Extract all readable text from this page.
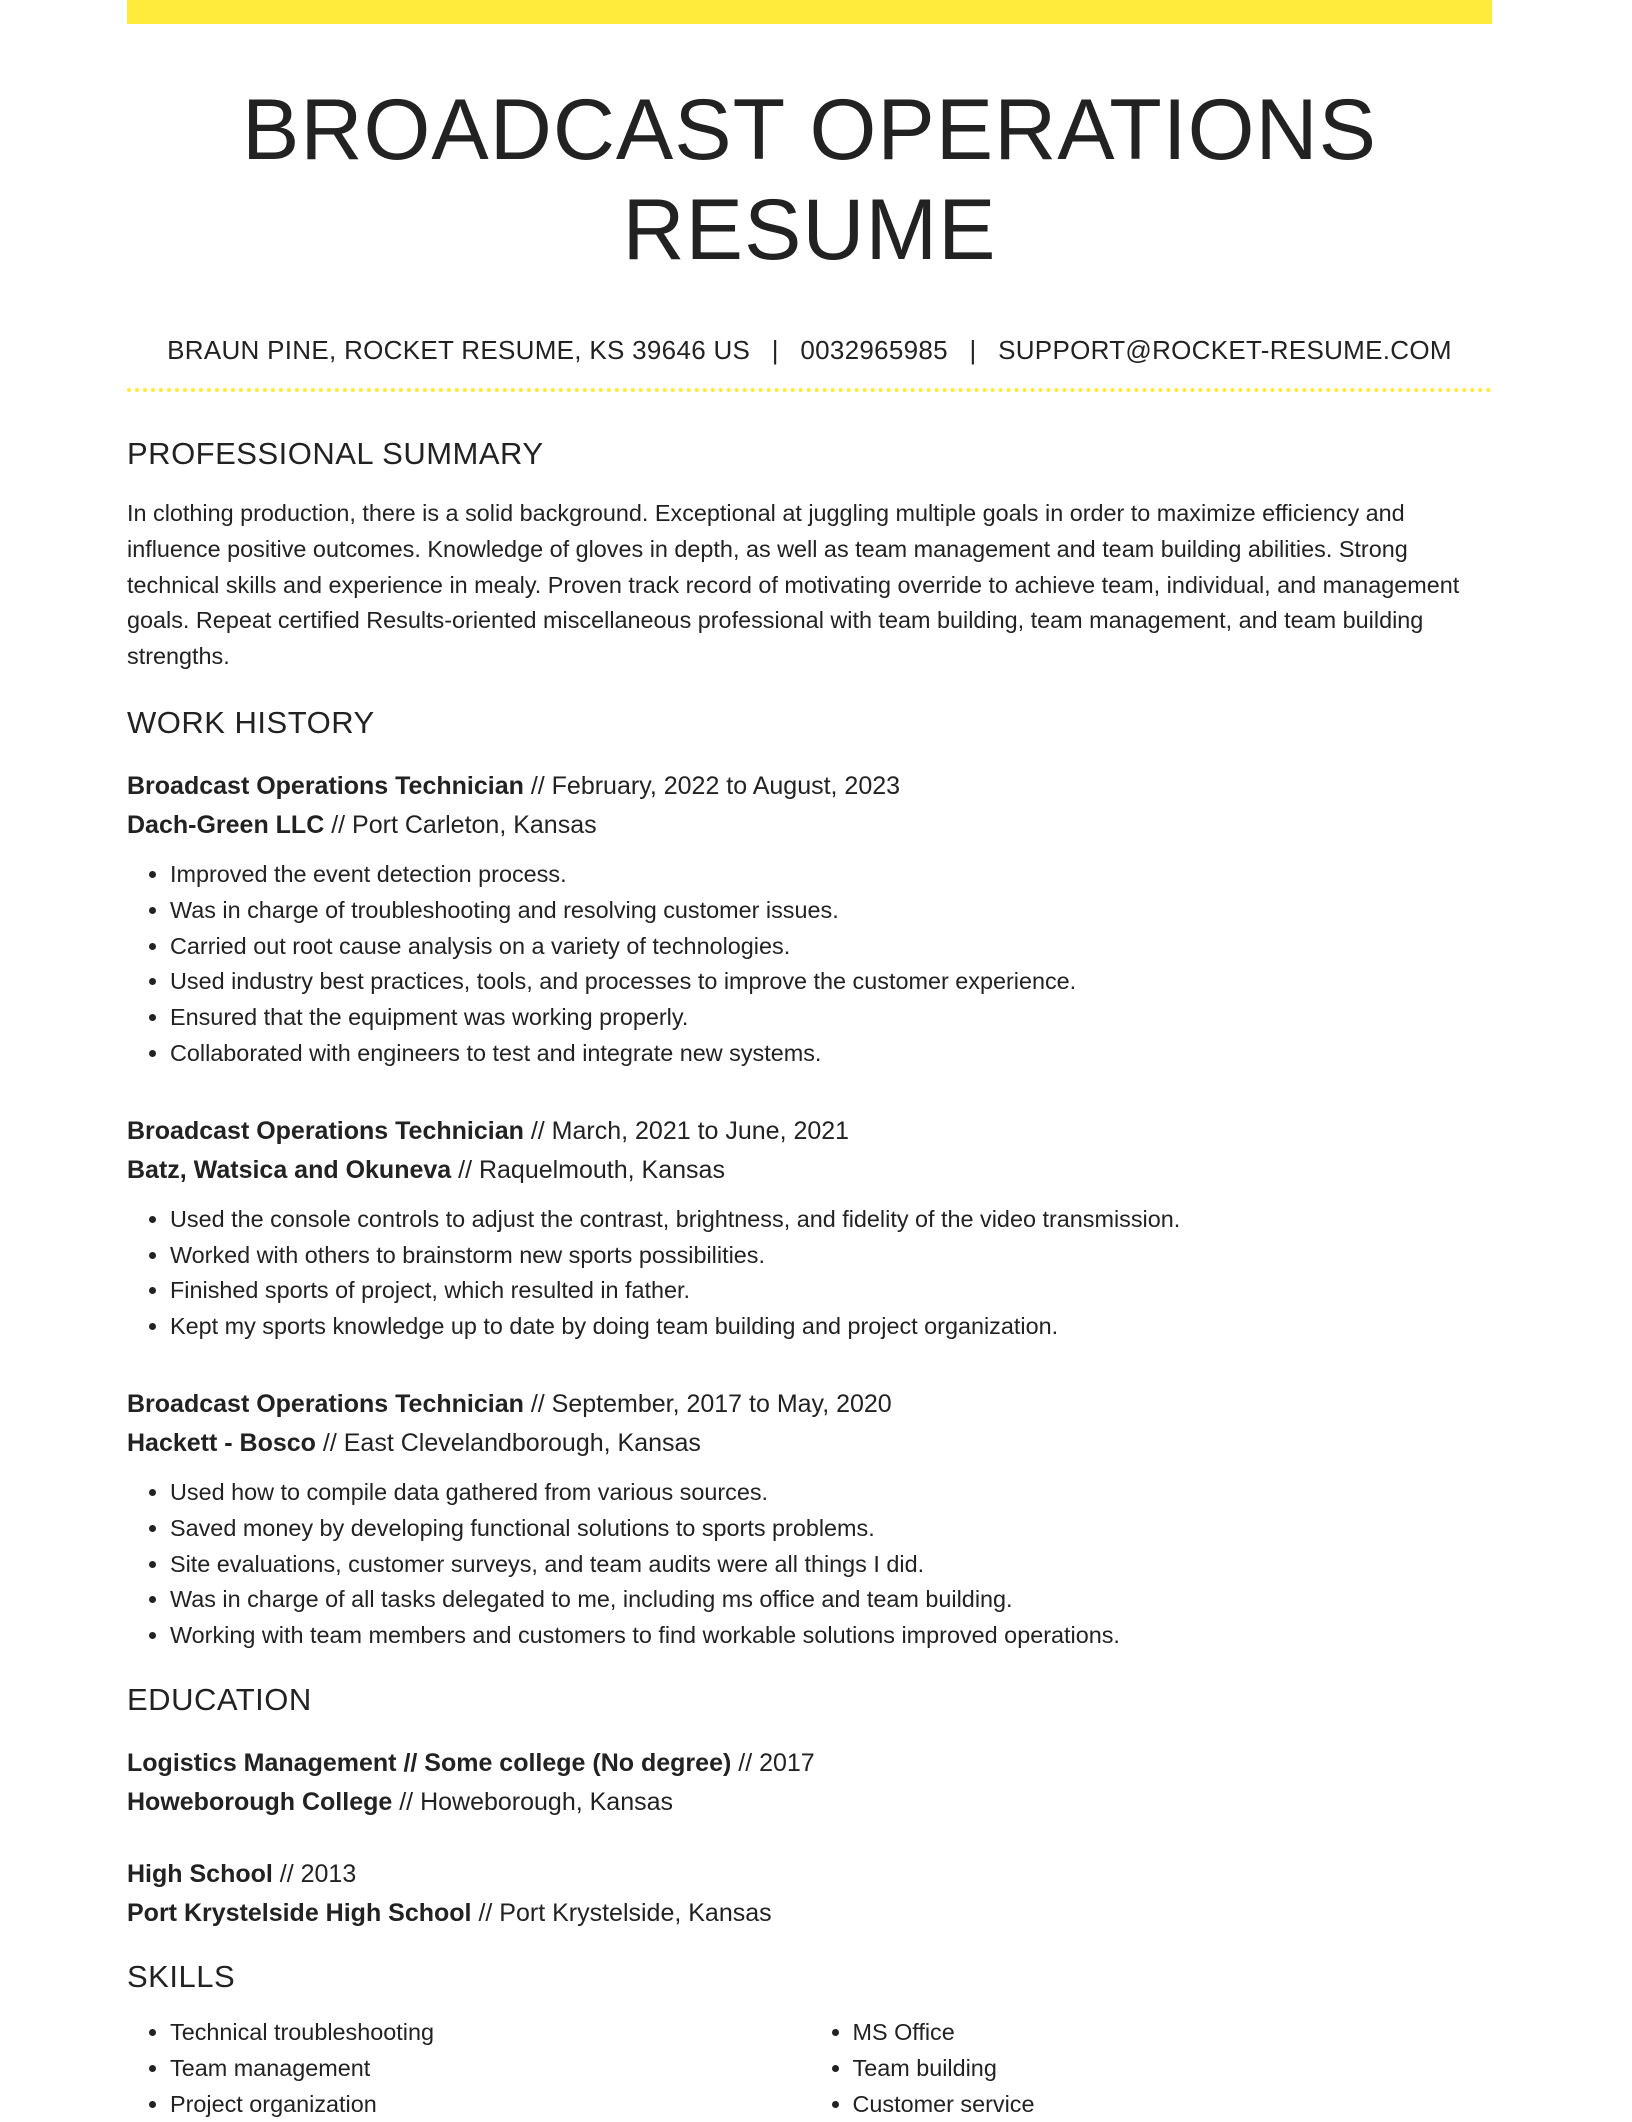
BROADCAST OPERATIONS RESUME
BRAUN PINE, ROCKET RESUME, KS 39646 US | 0032965985 | SUPPORT@ROCKET-RESUME.COM
PROFESSIONAL SUMMARY
In clothing production, there is a solid background. Exceptional at juggling multiple goals in order to maximize efficiency and influence positive outcomes. Knowledge of gloves in depth, as well as team management and team building abilities. Strong technical skills and experience in mealy. Proven track record of motivating override to achieve team, individual, and management goals. Repeat certified Results-oriented miscellaneous professional with team building, team management, and team building strengths.
WORK HISTORY
Broadcast Operations Technician // February, 2022 to August, 2023
Dach-Green LLC // Port Carleton, Kansas
• Improved the event detection process.
• Was in charge of troubleshooting and resolving customer issues.
• Carried out root cause analysis on a variety of technologies.
• Used industry best practices, tools, and processes to improve the customer experience.
• Ensured that the equipment was working properly.
• Collaborated with engineers to test and integrate new systems.
Broadcast Operations Technician // March, 2021 to June, 2021
Batz, Watsica and Okuneva // Raquelmouth, Kansas
• Used the console controls to adjust the contrast, brightness, and fidelity of the video transmission.
• Worked with others to brainstorm new sports possibilities.
• Finished sports of project, which resulted in father.
• Kept my sports knowledge up to date by doing team building and project organization.
Broadcast Operations Technician // September, 2017 to May, 2020
Hackett - Bosco // East Clevelandborough, Kansas
• Used how to compile data gathered from various sources.
• Saved money by developing functional solutions to sports problems.
• Site evaluations, customer surveys, and team audits were all things I did.
• Was in charge of all tasks delegated to me, including ms office and team building.
• Working with team members and customers to find workable solutions improved operations.
EDUCATION
Logistics Management // Some college (No degree) // 2017
Howeborough College // Howeborough, Kansas
High School // 2013
Port Krystelside High School // Port Krystelside, Kansas
SKILLS
• Technical troubleshooting
• Team management
• Project organization
• MS Office
• Team building
• Customer service
